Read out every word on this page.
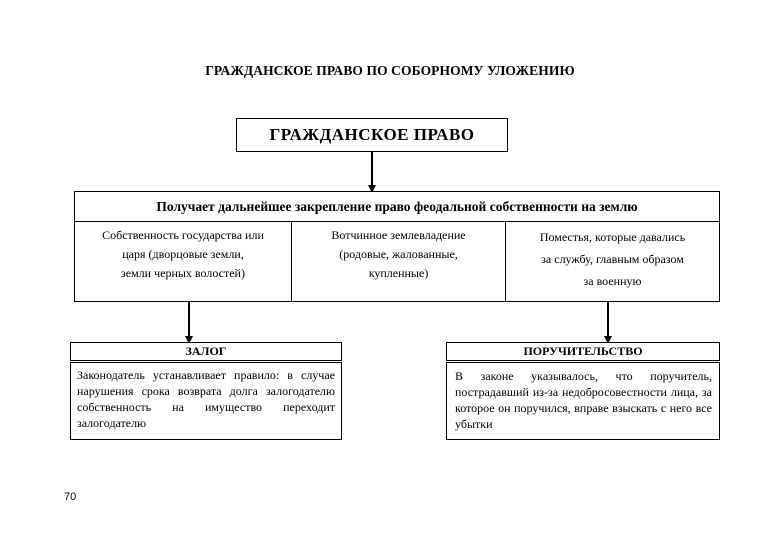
ГРАЖДАНСКОЕ ПРАВО ПО СОБОРНОМУ УЛОЖЕНИЮ
ГРАЖДАНСКОЕ ПРАВО
Получает дальнейшее закрепление право феодальной собственности на землю
Собственность государства или
царя (дворцовые земли,
земли черных волостей)
Вотчинное землевладение
(родовые, жалованные,
купленные)
Поместья, которые давались
за службу, главным образом
за военную
ЗАЛОГ
Законодатель устанавливает правило: в случае нарушения срока возврата долга залогодателю собственность на имущество переходит залогодателю
ПОРУЧИТЕЛЬСТВО
В законе указывалось, что поручитель, пострадавший из-за недобросовестности лица, за которое он поручился, вправе взыскать с него все убытки
70
